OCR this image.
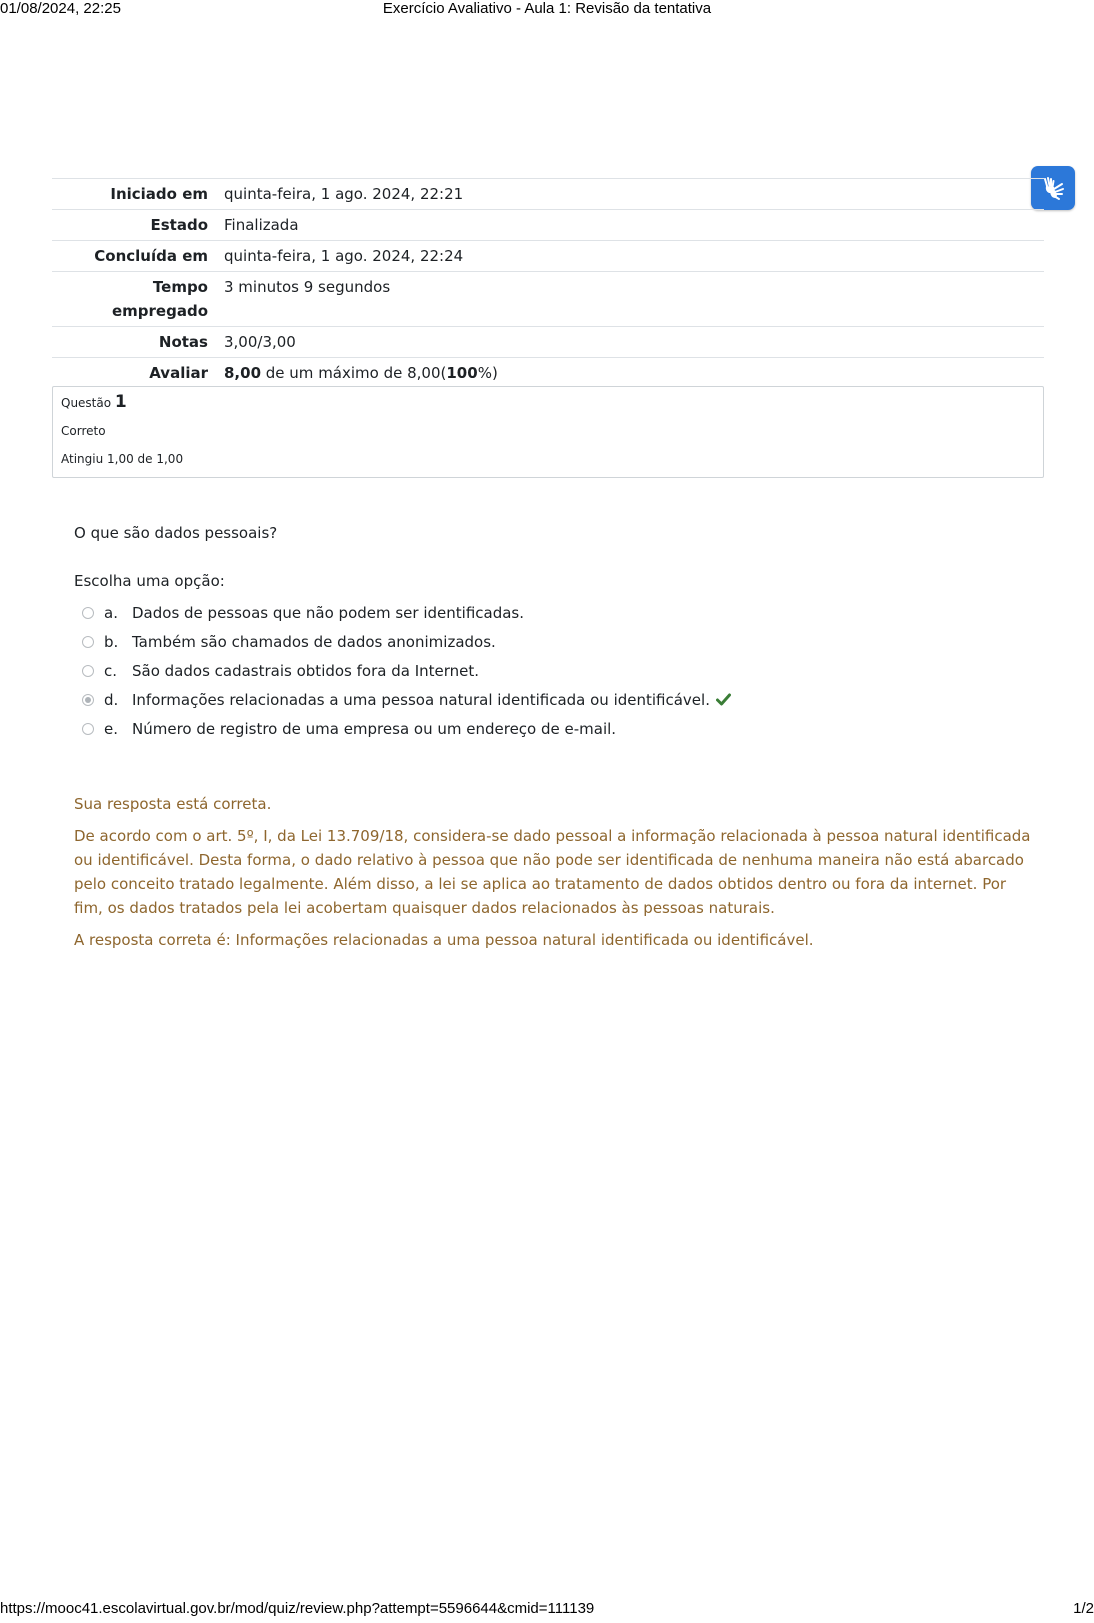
01/08/2024, 22:25	Exercício Avaliativo - Aula 1: Revisão da tentativa
Iniciado em	quinta-feira, 1 ago. 2024, 22:21
Estado	Finalizada
Concluída em	quinta-feira, 1 ago. 2024, 22:24
Tempo empregado	3 minutos 9 segundos
Notas	3,00/3,00
Avaliar	8,00 de um máximo de 8,00(100%)
Questão 1
Correto
Atingiu 1,00 de 1,00
O que são dados pessoais?
Escolha uma opção:
a. Dados de pessoas que não podem ser identificadas.
b. Também são chamados de dados anonimizados.
c. São dados cadastrais obtidos fora da Internet.
d. Informações relacionadas a uma pessoa natural identificada ou identificável.
e. Número de registro de uma empresa ou um endereço de e-mail.

Sua resposta está correta.

De acordo com o art. 5º, I, da Lei 13.709/18, considera-se dado pessoal a informação relacionada à pessoa natural identificada ou identificável. Desta forma, o dado relativo à pessoa que não pode ser identificada de nenhuma maneira não está abarcado pelo conceito tratado legalmente. Além disso, a lei se aplica ao tratamento de dados obtidos dentro ou fora da internet. Por fim, os dados tratados pela lei acobertam quaisquer dados relacionados às pessoas naturais.

A resposta correta é: Informações relacionadas a uma pessoa natural identificada ou identificável.

https://mooc41.escolavirtual.gov.br/mod/quiz/review.php?attempt=5596644&cmid=111139	1/2
